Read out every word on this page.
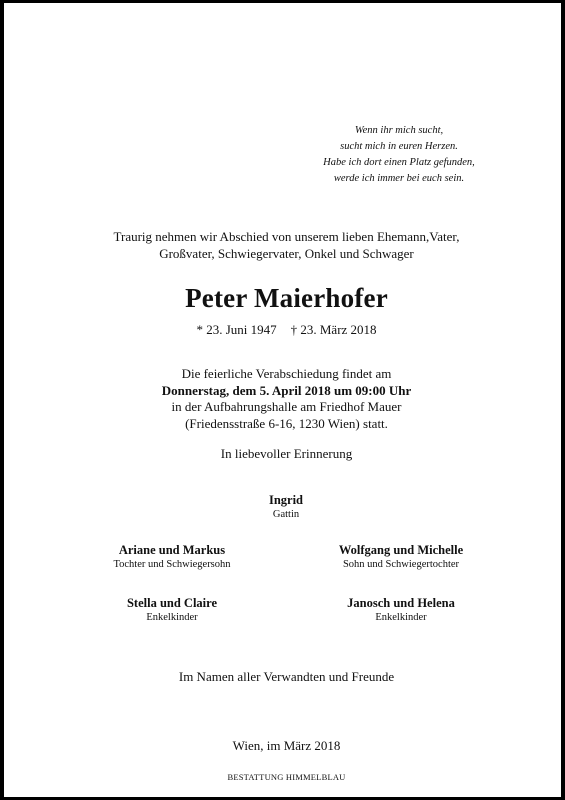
Wenn ihr mich sucht,
sucht mich in euren Herzen.
Habe ich dort einen Platz gefunden,
werde ich immer bei euch sein.
Traurig nehmen wir Abschied von unserem lieben Ehemann,Vater,
Großvater, Schwiegervater, Onkel und Schwager
Peter Maierhofer
* 23. Juni 1947 † 23. März 2018
Die feierliche Verabschiedung findet am
Donnerstag, dem 5. April 2018 um 09:00 Uhr
in der Aufbahrungshalle am Friedhof Mauer
(Friedensstraße 6-16, 1230 Wien) statt.
In liebevoller Erinnerung
Ingrid
Gattin
Ariane und Markus
Tochter und Schwiegersohn
Wolfgang und Michelle
Sohn und Schwiegertochter
Stella und Claire
Enkelkinder
Janosch und Helena
Enkelkinder
Im Namen aller Verwandten und Freunde
Wien, im März 2018
BESTATTUNG HIMMELBLAU
